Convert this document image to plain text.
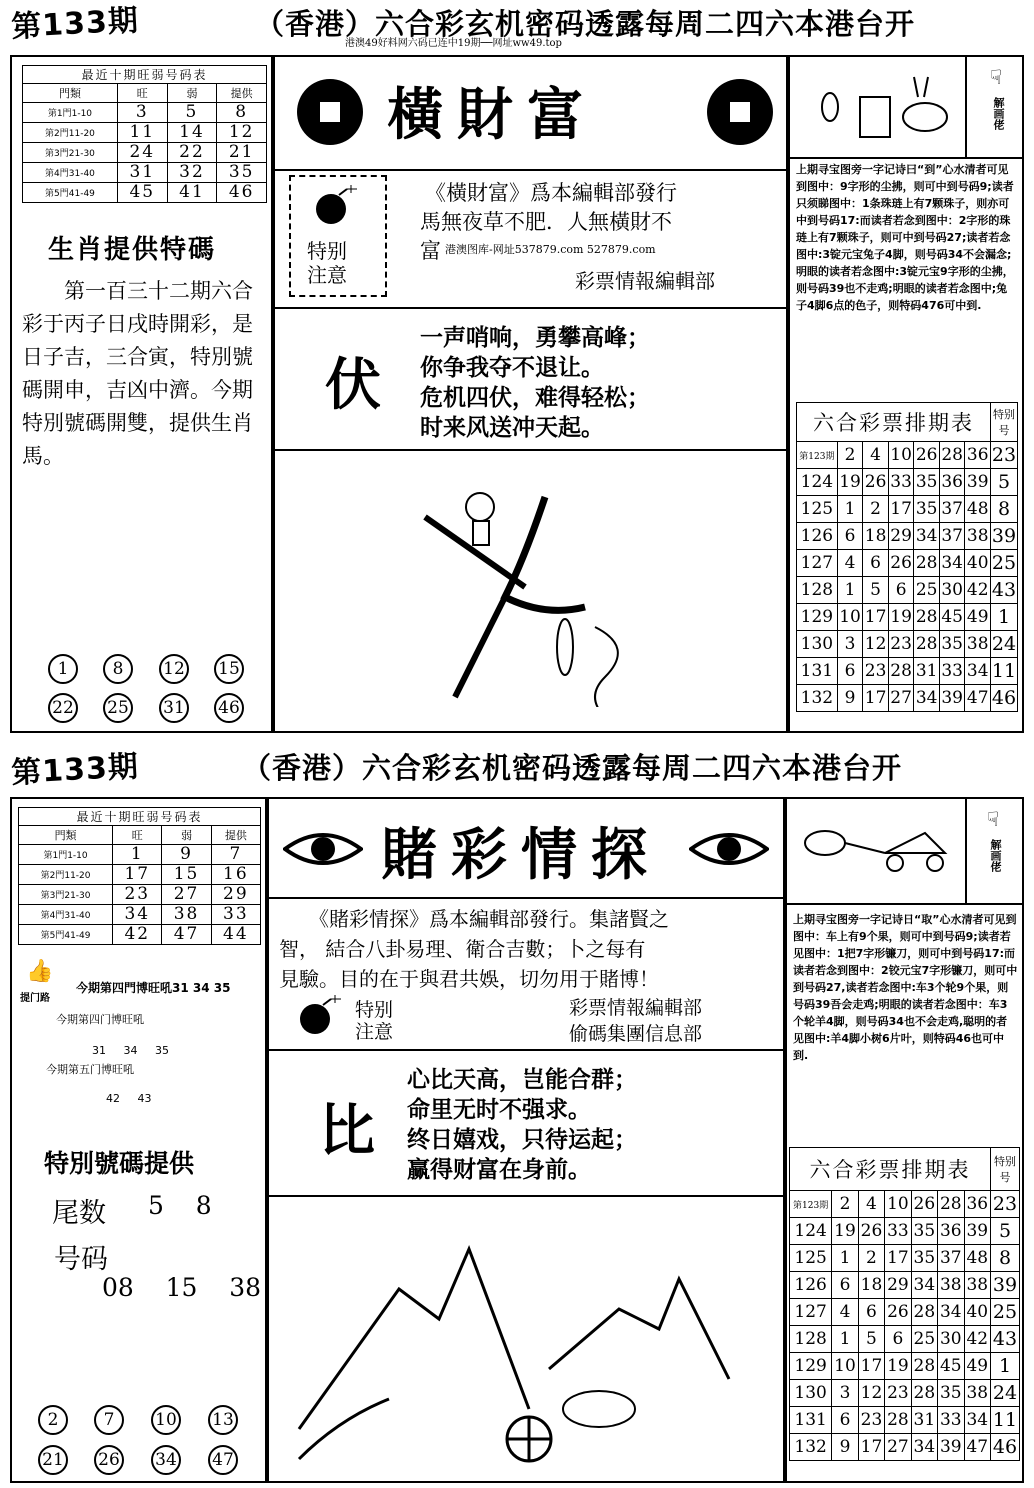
第133期	（香港）六合彩玄机密码透露每周二四六本港台开
港澳49好料网六码已连中19期──网址ww49.top
最近十期旺弱号码表			
門類	旺	弱	提供
第1門1-10	3	5	8
第2門11-20	11	14	12
第3門21-30	24	22	21
第4門31-40	31	32	35
第5門41-49	45	41	46
生肖提供特碼
第一百三十二期六合彩于丙子日戌時開彩，是日子吉，三合寅，特別號碼開申，吉凶中濟。今期特別號碼開雙，提供生肖馬。
1	8	12 15
22 25 31 46
橫財富
特别
注意
《橫財富》爲本編輯部發行
馬無夜草不肥．人無橫財不
富 港澳图库-网址537879.com 527879.com
彩票情報編輯部
伏
一声哨响，勇攀高峰；
你争我夺不退让。
危机四伏，难得轻松；
时来风送冲天起。
☟
解画佬
上期寻宝图旁一字记诗曰“到”心水清者可见到图中：9字形的尘拂，则可中到号码9;读者只须睇图中：1条珠琏上有7颗珠子，则亦可中到号码17:而读者若念到图中：2字形的珠琏上有7颗珠子，则可中到号码27;读者若念图中:3锭元宝兔子4脚，则号码34不会漏念;明眼的读者若念图中:3锭元宝9字形的尘拂，则号码39也不走鸡;明眼的读者若念图中;兔子4脚6点的色子，则特码476可中到.
六合彩票排期表							特别号
第123期	2	4	10	26	28	36	23
124	19	26	33	35	36	39	5
125	1	2	17	35	37	48	8
126	6	18	29	34	37	38	39
127	4	6	26	28	34	40	25
128	1	5	6	25	30	42	43
129	10	17	19	28	45	49	1
130	3	12	23	28	35	38	24
131	6	23	28	31	33	34	11
132	9	17	27	34	39	47	46
第133期	（香港）六合彩玄机密码透露每周二四六本港台开
最近十期旺弱号码表			
門類	旺	弱	提供
第1門1-10	1	9	7
第2門11-20	17	15	16
第3門21-30	23	27	29
第4門31-40	34	38	33
第5門41-49	42	47	44
👍
提门路
今期第四門博旺吼31 34 35
今期第四门博旺吼
31     34     35
今期第五门博旺吼
42     43
特別號碼提供
尾数 5    8
号码
08    15    38
2	7	10 13
21 26 34 47
賭彩情探
《賭彩情探》爲本編輯部發行。集諸賢之
智， 結合八卦易理、衛合吉數；卜之每有
見驗。目的在于與君共娛，切勿用于賭博！
特别
注意
彩票情報編輯部
偷碼集團信息部
比
心比天高，岂能合群；
命里无时不强求。
终日嬉戏，只待运起；
赢得财富在身前。
☟
解画佬
上期寻宝图旁一字记诗日“取”心水清者可见到图中：车上有9个果，则可中到号码9;读者若见图中：1把7字形镰刀，则可中到号码17:而读者若念到图中：2铰元宝7字形镰刀，则可中到号码27,读者若念图中:车3个轮9个果，则号码39吾会走鸡;明眼的读者若念图中：车3个轮羊4脚，则号码34也不会走鸡,聪明的者见图中:羊4脚小树6片叶，则特码46也可中到.
六合彩票排期表							特别号
第123期	2	4	10	26	28	36	23
124	19	26	33	35	36	39	5
125	1	2	17	35	37	48	8
126	6	18	29	34	38	38	39
127	4	6	26	28	34	40	25
128	1	5	6	25	30	42	43
129	10	17	19	28	45	49	1
130	3	12	23	28	35	38	24
131	6	23	28	31	33	34	11
132	9	17	27	34	39	47	46
